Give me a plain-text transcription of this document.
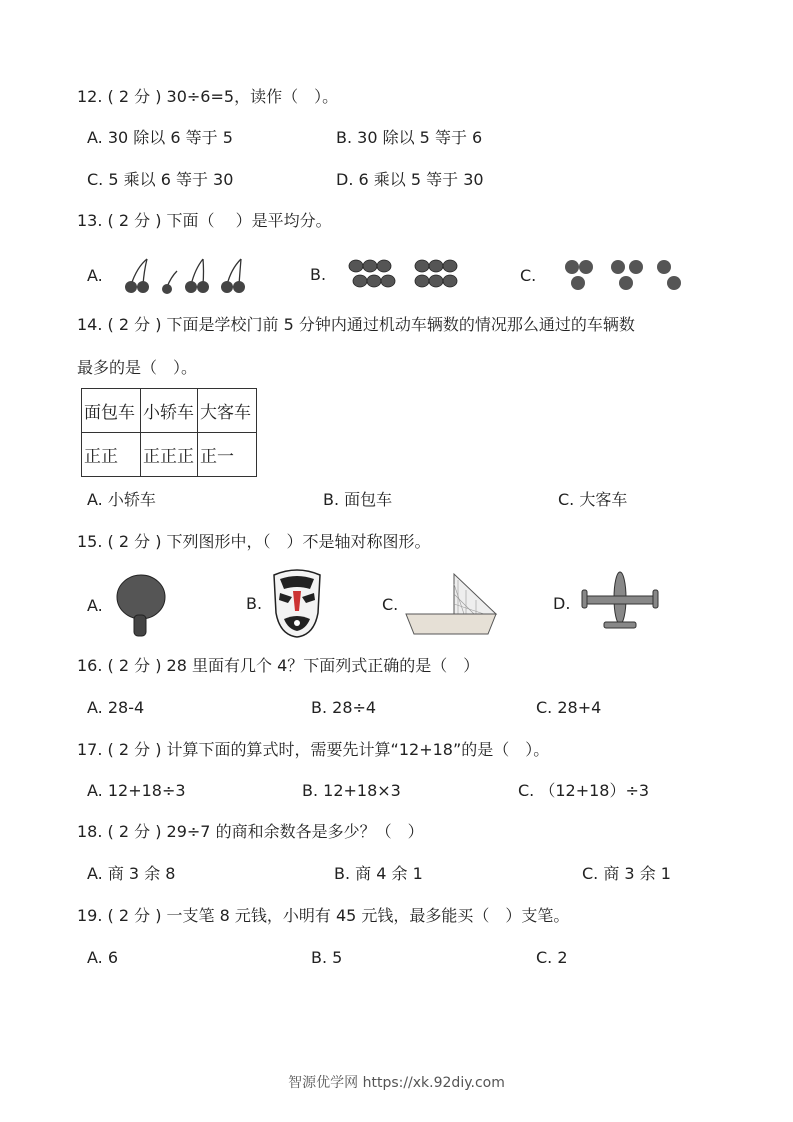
12. ( 2 分 ) 30÷6=5，读作（　）。
A. 30 除以 6 等于 5	B. 30 除以 5 等于 6
C. 5 乘以 6 等于 30	D. 6 乘以 5 等于 30
13. ( 2 分 ) 下面（　 ）是平均分。
A.	B.	C.
14. ( 2 分 ) 下面是学校门前 5 分钟内通过机动车辆数的情况那么通过的车辆数
最多的是（　）。
面包车	小轿车	大客车
正正	正正正	正一
A. 小轿车	B. 面包车	C. 大客车
15. ( 2 分 ) 下列图形中，（　）不是轴对称图形。
A.	B.	C.	D.
16. ( 2 分 ) 28 里面有几个 4？下面列式正确的是（　）
A. 28-4	B. 28÷4	C. 28+4
17. ( 2 分 ) 计算下面的算式时，需要先计算“12+18”的是（　）。
A. 12+18÷3	B. 12+18×3	C. （12+18）÷3
18. ( 2 分 ) 29÷7 的商和余数各是多少？（　）
A. 商 3 余 8	B. 商 4 余 1	C. 商 3 余 1
19. ( 2 分 ) 一支笔 8 元钱，小明有 45 元钱，最多能买（　）支笔。
A. 6	B. 5	C. 2
智源优学网 https://xk.92diy.com
